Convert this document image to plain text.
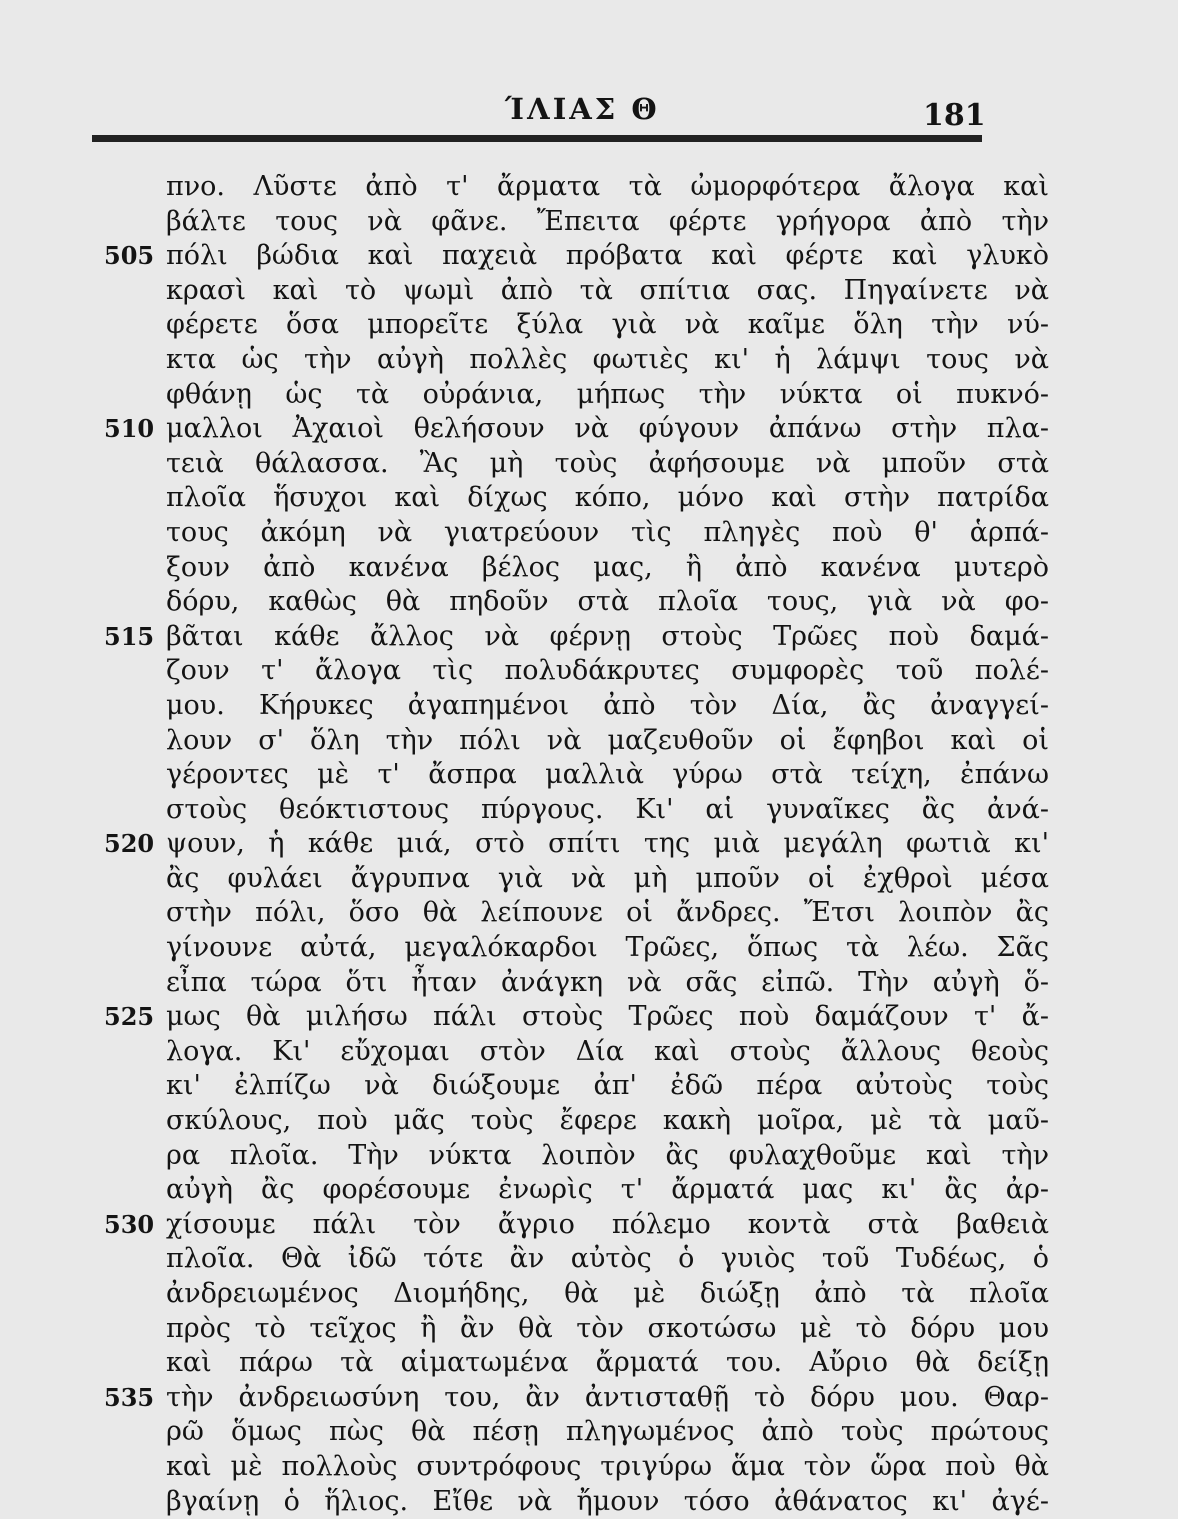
ΊΛΙΑΣ Θ	181
πνο. Λῦστε ἀπὸ τ' ἄρματα τὰ ὠμορφότερα ἄλογα καὶ
βάλτε τους νὰ φᾶνε. Ἔπειτα φέρτε γρήγορα ἀπὸ τὴν
505 πόλι βώδια καὶ παχειὰ πρόβατα καὶ φέρτε καὶ γλυκὸ
κρασὶ καὶ τὸ ψωμὶ ἀπὸ τὰ σπίτια σας. Πηγαίνετε νὰ
φέρετε ὅσα μπορεῖτε ξύλα γιὰ νὰ καῖμε ὅλη τὴν νύ-
κτα ὡς τὴν αὐγὴ πολλὲς φωτιὲς κι' ἡ λάμψι τους νὰ
φθάνῃ ὡς τὰ οὐράνια, μήπως τὴν νύκτα οἱ πυκνό-
510 μαλλοι Ἀχαιοὶ θελήσουν νὰ φύγουν ἀπάνω στὴν πλα-
τειὰ θάλασσα. Ἂς μὴ τοὺς ἀφήσουμε νὰ μποῦν στὰ
πλοῖα ἥσυχοι καὶ δίχως κόπο, μόνο καὶ στὴν πατρίδα
τους ἀκόμη νὰ γιατρεύουν τὶς πληγὲς ποὺ θ' ἁρπά-
ξουν ἀπὸ κανένα βέλος μας, ἢ ἀπὸ κανένα μυτερὸ
δόρυ, καθὼς θὰ πηδοῦν στὰ πλοῖα τους, γιὰ νὰ φο-
515 βᾶται κάθε ἄλλος νὰ φέρνῃ στοὺς Τρῶες ποὺ δαμά-
ζουν τ' ἄλογα τὶς πολυδάκρυτες συμφορὲς τοῦ πολέ-
μου. Κήρυκες ἀγαπημένοι ἀπὸ τὸν Δία, ἂς ἀναγγεί-
λουν σ' ὅλη τὴν πόλι νὰ μαζευθοῦν οἱ ἔφηβοι καὶ οἱ
γέροντες μὲ τ' ἄσπρα μαλλιὰ γύρω στὰ τείχη, ἐπάνω
στοὺς θεόκτιστους πύργους. Κι' αἱ γυναῖκες ἂς ἀνά-
520 ψουν, ἡ κάθε μιά, στὸ σπίτι της μιὰ μεγάλη φωτιὰ κι'
ἂς φυλάει ἄγρυπνα γιὰ νὰ μὴ μποῦν οἱ ἐχθροὶ μέσα
στὴν πόλι, ὅσο θὰ λείπουνε οἱ ἄνδρες. Ἔτσι λοιπὸν ἂς
γίνουνε αὐτά, μεγαλόκαρδοι Τρῶες, ὅπως τὰ λέω. Σᾶς
εἶπα τώρα ὅτι ἦταν ἀνάγκη νὰ σᾶς εἰπῶ. Τὴν αὐγὴ ὅ-
525 μως θὰ μιλήσω πάλι στοὺς Τρῶες ποὺ δαμάζουν τ' ἄ-
λογα. Κι' εὔχομαι στὸν Δία καὶ στοὺς ἄλλους θεοὺς
κι' ἐλπίζω νὰ διώξουμε ἀπ' ἐδῶ πέρα αὐτοὺς τοὺς
σκύλους, ποὺ μᾶς τοὺς ἔφερε κακὴ μοῖρα, μὲ τὰ μαῦ-
ρα πλοῖα. Τὴν νύκτα λοιπὸν ἂς φυλαχθοῦμε καὶ τὴν
αὐγὴ ἂς φορέσουμε ἐνωρὶς τ' ἄρματά μας κι' ἂς ἀρ-
530 χίσουμε πάλι τὸν ἄγριο πόλεμο κοντὰ στὰ βαθειὰ
πλοῖα. Θὰ ἰδῶ τότε ἂν αὐτὸς ὁ γυιὸς τοῦ Τυδέως, ὁ
ἀνδρειωμένος Διομήδης, θὰ μὲ διώξῃ ἀπὸ τὰ πλοῖα
πρὸς τὸ τεῖχος ἢ ἂν θὰ τὸν σκοτώσω μὲ τὸ δόρυ μου
καὶ πάρω τὰ αἱματωμένα ἄρματά του. Αὔριο θὰ δείξῃ
535 τὴν ἀνδρειωσύνη του, ἂν ἀντισταθῇ τὸ δόρυ μου. Θαρ-
ρῶ ὅμως πὼς θὰ πέσῃ πληγωμένος ἀπὸ τοὺς πρώτους
καὶ μὲ πολλοὺς συντρόφους τριγύρω ἅμα τὸν ὥρα ποὺ θὰ
βγαίνῃ ὁ ἥλιος. Εἴθε νὰ ἤμουν τόσο ἀθάνατος κι' ἀγέ-
